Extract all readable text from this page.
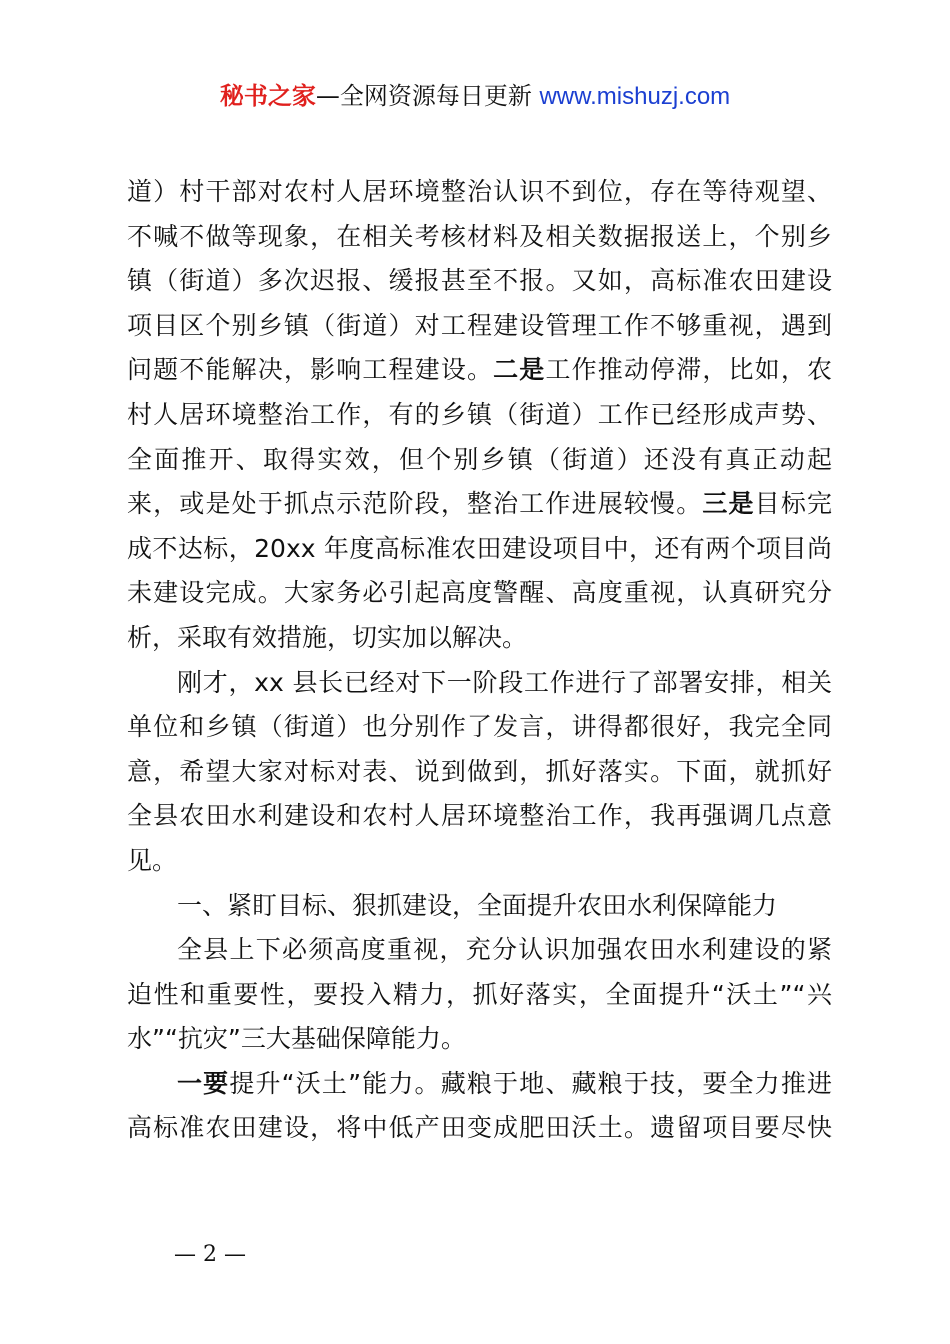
秘书之家—全网资源每日更新 www.mishuzj.com
道）村干部对农村人居环境整治认识不到位，存在等待观望、
不喊不做等现象，在相关考核材料及相关数据报送上，个别乡
镇（街道）多次迟报、缓报甚至不报。又如，高标准农田建设
项目区个别乡镇（街道）对工程建设管理工作不够重视，遇到
问题不能解决，影响工程建设。二是工作推动停滞，比如，农
村人居环境整治工作，有的乡镇（街道）工作已经形成声势、
全面推开、取得实效，但个别乡镇（街道）还没有真正动起
来，或是处于抓点示范阶段，整治工作进展较慢。三是目标完
成不达标，20xx 年度高标准农田建设项目中，还有两个项目尚
未建设完成。大家务必引起高度警醒、高度重视，认真研究分
析，采取有效措施，切实加以解决。
刚才，xx 县长已经对下一阶段工作进行了部署安排，相关
单位和乡镇（街道）也分别作了发言，讲得都很好，我完全同
意，希望大家对标对表、说到做到，抓好落实。下面，就抓好
全县农田水利建设和农村人居环境整治工作，我再强调几点意
见。
一、紧盯目标、狠抓建设，全面提升农田水利保障能力
全县上下必须高度重视，充分认识加强农田水利建设的紧
迫性和重要性，要投入精力，抓好落实，全面提升“沃土”“兴
水”“抗灾”三大基础保障能力。
一要提升“沃土”能力。藏粮于地、藏粮于技，要全力推进
高标准农田建设，将中低产田变成肥田沃土。遗留项目要尽快
— 2 —
